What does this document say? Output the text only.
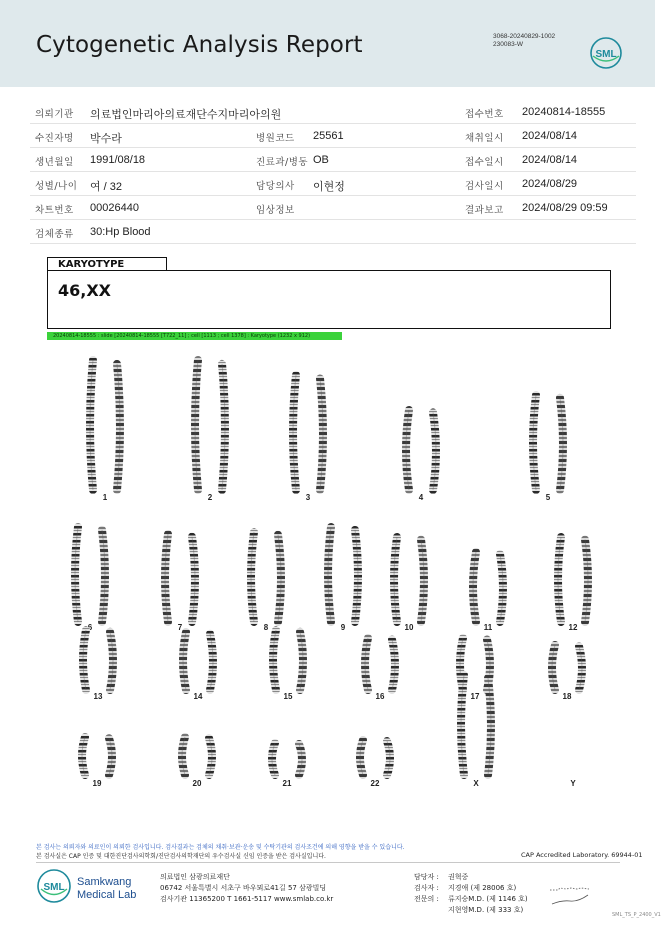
Cytogenetic Analysis Report	3068-20240829-1002
230083-W
SML
의뢰기관 의료법인마리아의료재단수지마리아의원	접수번호 20240814-18555
수진자명 박수라	병원코드 25561	채취일시 2024/08/14
생년월일 1991/08/18	진료과/병동 OB	접수일시 2024/08/14
성별/나이 여 / 32	담당의사 이현정	검사일시 2024/08/29
차트번호 00026440	임상정보	결과보고 2024/08/29 09:59
검체종류 30:Hp Blood
KARYOTYPE
46,XX
20240814-18555 : slide [20240814-18555 [T722_11] ; cell [1113 ; cell 1378] : Karyotype (1232 x 912)
1	2	3	4	5
6	7	8	9	10	11	12
13	14	15	16	17	18
19	20	21	22	X	Y
본 검사는 의뢰자와 의료인이 의뢰한 검사입니다. 검사결과는 검체의 채취·보관·운송 및 수탁기관의 검사조건에 의해 영향을 받을 수 있습니다.
본 검사실은 CAP 인증 및 대한진단검사의학회/진단검사의학재단의 우수검사실 신임 인증을 받은 검사실입니다.	CAP Accredited Laboratory. 69944-01
SML Samkwang
Medical Lab
의료법인 삼광의료재단
06742 서울특별시 서초구 바우뫼로41길 57 삼광빌딩
검사기관 11365200 T 1661-5117 www.smlab.co.kr
담당자 : 권혁중
검사자 : 지경애 (제 28006 호)
전문의 : 류지승M.D. (제 1146 호)
지현영M.D. (제 333 호)
SML_TS_P_2400_V1
